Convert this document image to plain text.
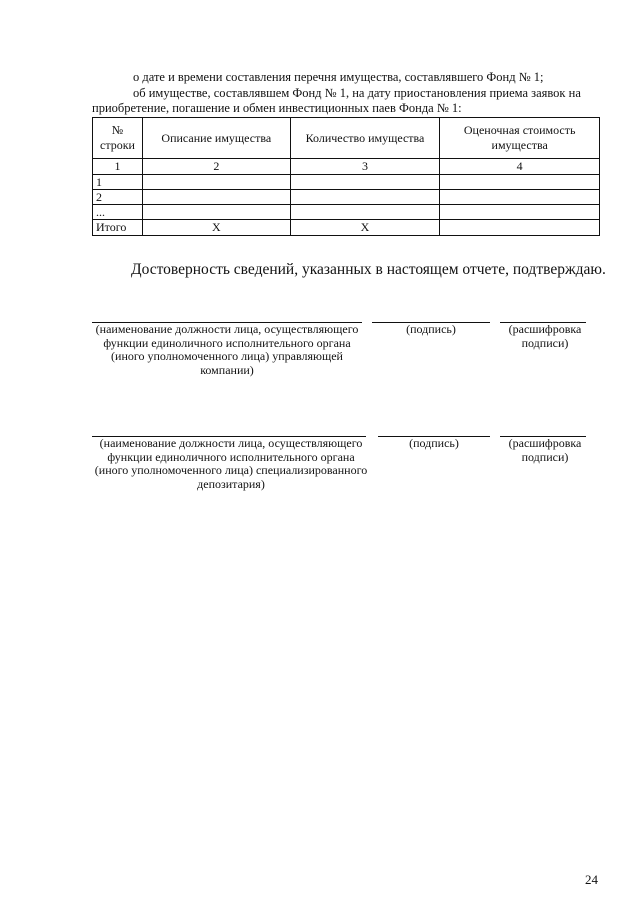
о дате и времени составления перечня имущества, составлявшего Фонд № 1;
об имуществе, составлявшем Фонд № 1, на дату приостановления приема заявок на
приобретение, погашение и обмен инвестиционных паев Фонда № 1:
№
строки	Описание имущества	Количество имущества	Оценочная стоимость
имущества
1	2	3	4
1			
2			
...			
Итого	X	X	
Достоверность сведений, указанных в настоящем отчете, подтверждаю.
(наименование должности лица, осуществляющего функции единоличного исполнительного органа (иного уполномоченного лица) управляющей компании)
(подпись)	(расшифровка подписи)
(наименование должности лица, осуществляющего функции единоличного исполнительного органа (иного уполномоченного лица) специализированного депозитария)
(подпись)	(расшифровка подписи)
24
